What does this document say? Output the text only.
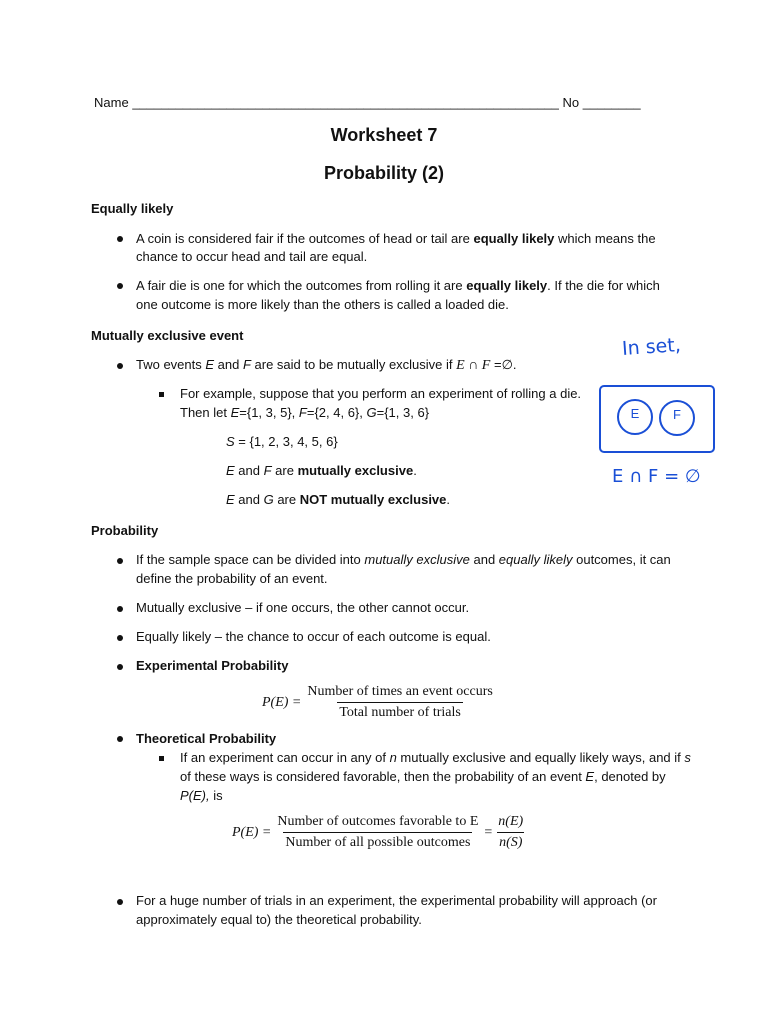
Name ___________________________________________________________ No ________
Worksheet 7
Probability (2)
Equally likely
A coin is considered fair if the outcomes of head or tail are equally likely which means the
chance to occur head and tail are equal.
A fair die is one for which the outcomes from rolling it are equally likely. If the die for which
one outcome is more likely than the others is called a loaded die.
Mutually exclusive event
Two events E and F are said to be mutually exclusive if E ∩ F =∅.
For example, suppose that you perform an experiment of rolling a die.
Then let E={1, 3, 5}, F={2, 4, 6}, G={1, 3, 6}
S = {1, 2, 3, 4, 5, 6}
E and F are mutually exclusive.
E and G are NOT mutually exclusive.
In set,
E	F
E ∩ F = ∅
Probability
If the sample space can be divided into mutually exclusive and equally likely outcomes, it can
define the probability of an event.
Mutually exclusive – if one occurs, the other cannot occur.
Equally likely – the chance to occur of each outcome is equal.
Experimental Probability
$P(E) = \frac{\text{Number of times an event occurs}}{\text{Total number of trials}}$
Theoretical Probability
If an experiment can occur in any of n mutually exclusive and equally likely ways, and if s
of these ways is considered favorable, then the probability of an event E, denoted by
P(E), is
$P(E) = \frac{\text{Number of outcomes favorable to E}}{\text{Number of all possible outcomes}} = \frac{n(E)}{n(S)}$
For a huge number of trials in an experiment, the experimental probability will approach (or
approximately equal to) the theoretical probability.
